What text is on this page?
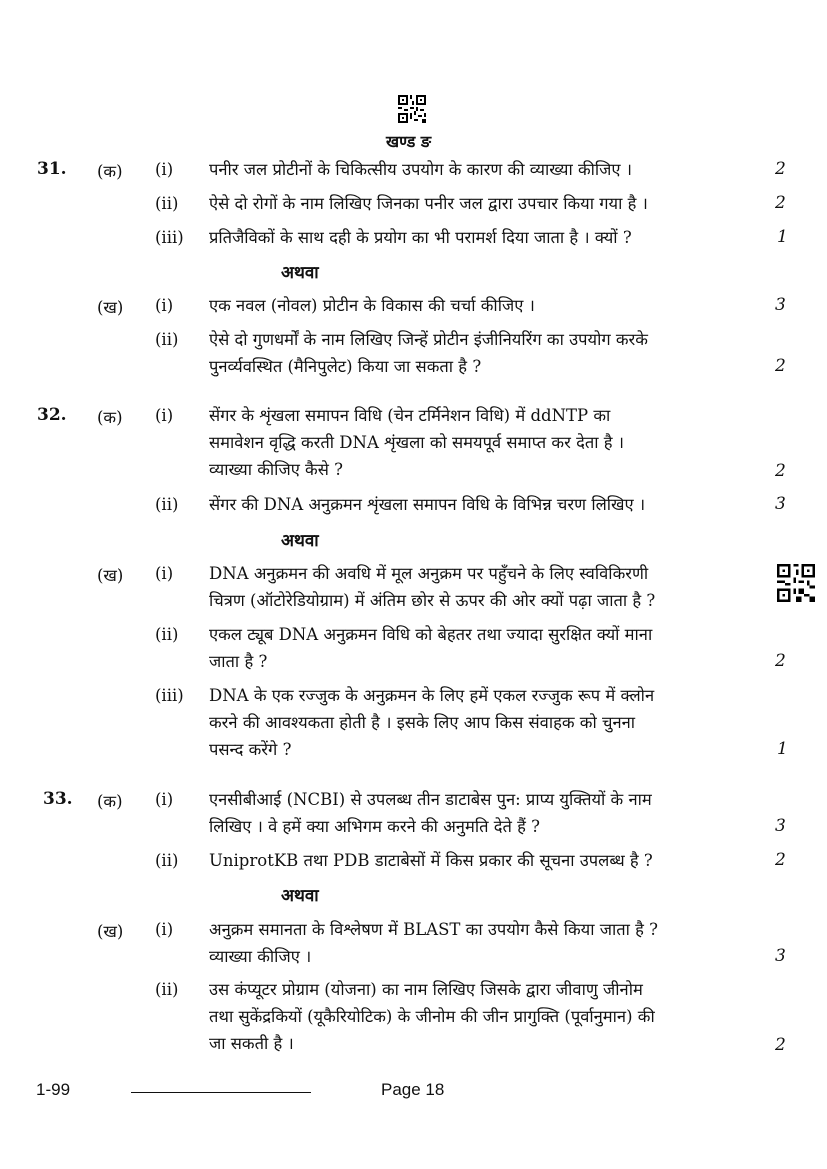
खण्ड ङ
31. (क) (i) पनीर जल प्रोटीनों के चिकित्सीय उपयोग के कारण की व्याख्या कीजिए ।	2
(ii) ऐसे दो रोगों के नाम लिखिए जिनका पनीर जल द्वारा उपचार किया गया है ।	2
(iii) प्रतिजैविकों के साथ दही के प्रयोग का भी परामर्श दिया जाता है । क्यों ?	1
अथवा
(ख) (i) एक नवल (नोवल) प्रोटीन के विकास की चर्चा कीजिए ।	3
(ii) ऐसे दो गुणधर्मों के नाम लिखिए जिन्हें प्रोटीन इंजीनियरिंग का उपयोग करके
पुनर्व्यवस्थित (मैनिपुलेट) किया जा सकता है ?	2
32. (क) (i) सेंगर के शृंखला समापन विधि (चेन टर्मिनेशन विधि) में ddNTP का
समावेशन वृद्धि करती DNA शृंखला को समयपूर्व समाप्त कर देता है ।
व्याख्या कीजिए कैसे ?	2
(ii) सेंगर की DNA अनुक्रमन शृंखला समापन विधि के विभिन्न चरण लिखिए ।	3
अथवा
(ख) (i) DNA अनुक्रमन की अवधि में मूल अनुक्रम पर पहुँचने के लिए स्वविकिरणी
चित्रण (ऑटोरेडियोग्राम) में अंतिम छोर से ऊपर की ओर क्यों पढ़ा जाता है ?
(ii) एकल ट्यूब DNA अनुक्रमन विधि को बेहतर तथा ज्यादा सुरक्षित क्यों माना
जाता है ?	2
(iii) DNA के एक रज्जुक के अनुक्रमन के लिए हमें एकल रज्जुक रूप में क्लोन
करने की आवश्यकता होती है । इसके लिए आप किस संवाहक को चुनना
पसन्द करेंगे ?	1
33. (क) (i) एनसीबीआई (NCBI) से उपलब्ध तीन डाटाबेस पुन: प्राप्य युक्तियों के नाम
लिखिए । वे हमें क्या अभिगम करने की अनुमति देते हैं ?	3
(ii) UniprotKB तथा PDB डाटाबेसों में किस प्रकार की सूचना उपलब्ध है ?	2
अथवा
(ख) (i) अनुक्रम समानता के विश्लेषण में BLAST का उपयोग कैसे किया जाता है ?
व्याख्या कीजिए ।	3
(ii) उस कंप्यूटर प्रोग्राम (योजना) का नाम लिखिए जिसके द्वारा जीवाणु जीनोम
तथा सुकेंद्रकियों (यूकैरियोटिक) के जीनोम की जीन प्रागुक्ति (पूर्वानुमान) की
जा सकती है ।	2
1-99	Page 18
